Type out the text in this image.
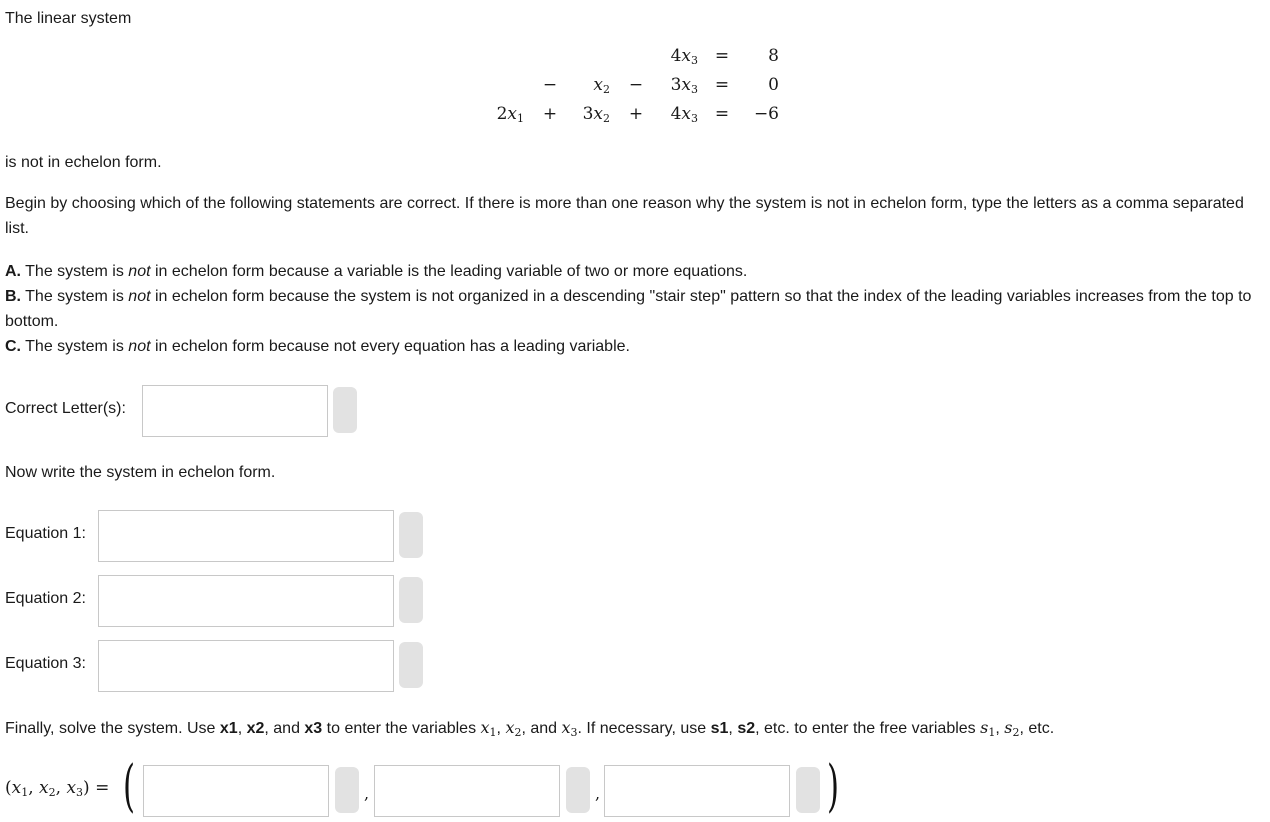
The linear system

$4x_3$ =	8
−	$x_2$ −	$3x_3$ =	0
$2x_1$ +	$3x_2$ +	$4x_3$ =	−6

is not in echelon form.

Begin by choosing which of the following statements are correct. If there is more than one reason why the system is not in echelon form, type the letters as a comma separated list.

A. The system is not in echelon form because a variable is the leading variable of two or more equations.
B. The system is not in echelon form because the system is not organized in a descending "stair step" pattern so that the index of the leading variables increases from the top to bottom.
C. The system is not in echelon form because not every equation has a leading variable.
Correct Letter(s):

Now write the system in echelon form.

Equation 1:
Equation 2:
Equation 3:

Finally, solve the system. Use x1, x2, and x3 to enter the variables $x_1$, $x_2$, and $x_3$. If necessary, use s1, s2, etc. to enter the free variables $s_1$, $s_2$, etc.

($x_1$, $x_2$, $x_3$) = (	,	,	)
